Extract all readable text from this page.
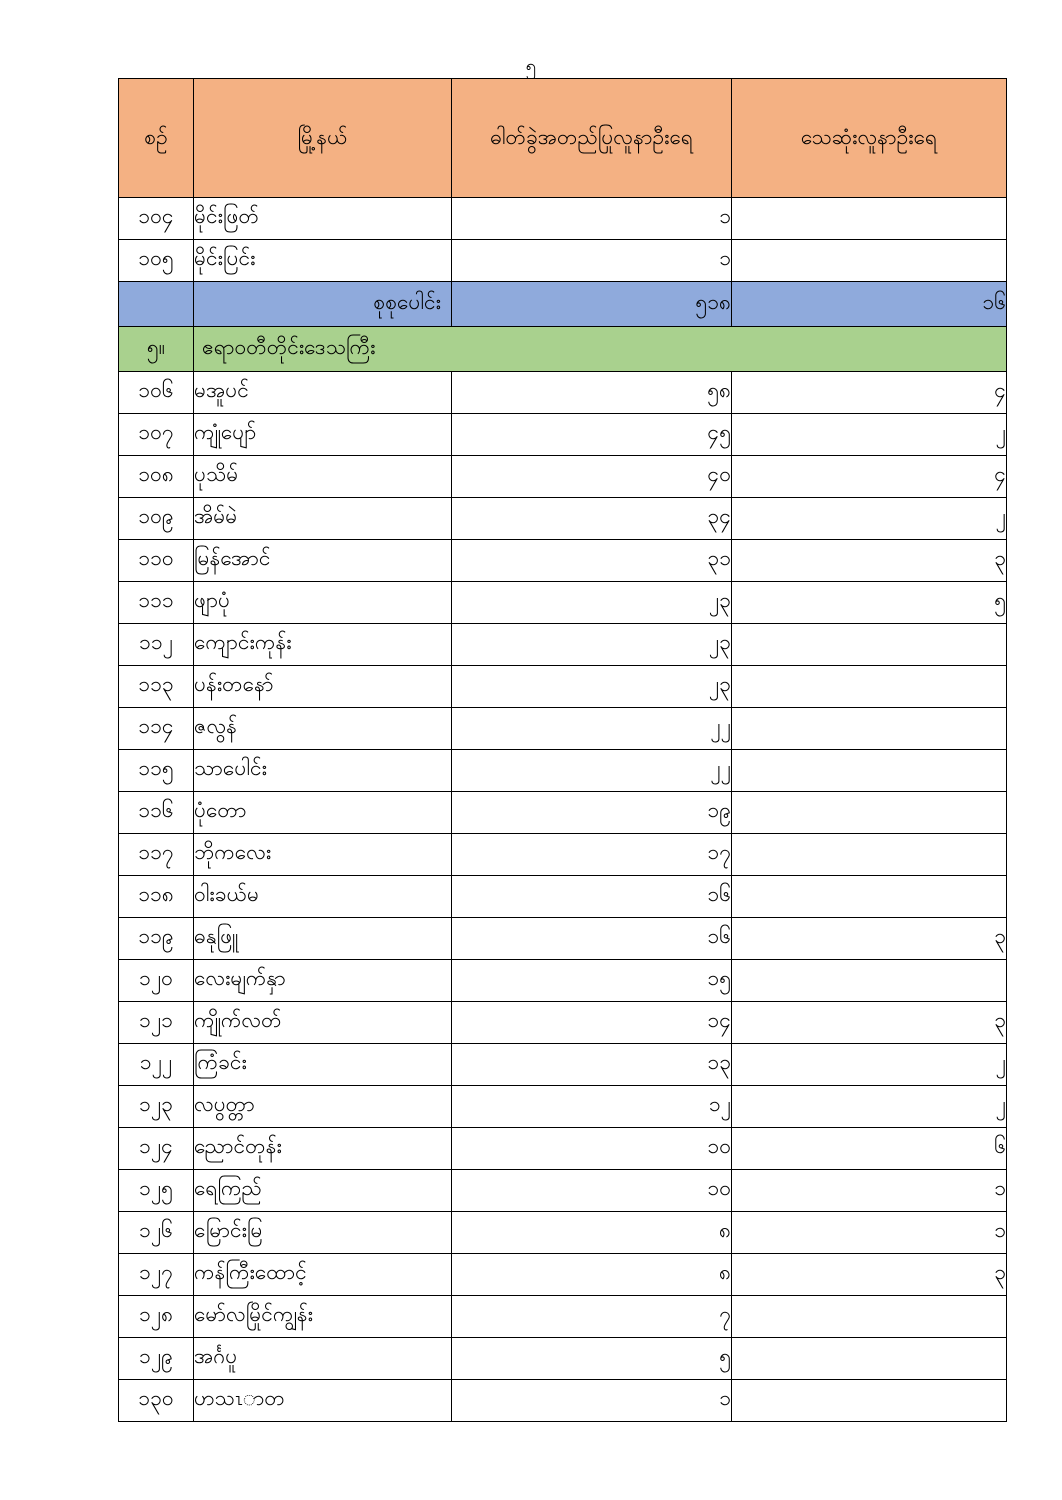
၅
စဉ်	မြို့နယ်	ဓါတ်ခွဲအတည်ပြုလူနာဦးရေ	သေဆုံးလူနာဦးရေ
၁၀၄	မိုင်းဖြတ်	၁	
၁၀၅	မိုင်းပြင်း	၁	
	စုစုပေါင်း	၅၁၈	၁၆
၅။	ဧရာဝတီတိုင်းဒေသကြီး		
၁၀၆	မအူပင်	၅၈	၄
၁၀၇	ကျုံပျော်	၄၅	၂
၁၀၈	ပုသိမ်	၄၀	၄
၁၀၉	အိမ်မဲ	၃၄	၂
၁၁၀	မြန်အောင်	၃၁	၃
၁၁၁	ဖျာပုံ	၂၃	၅
၁၁၂	ကျောင်းကုန်း	၂၃	
၁၁၃	ပန်းတနော်	၂၃	
၁၁၄	ဇလွန်	၂၂	
၁၁၅	သာပေါင်း	၂၂	
၁၁၆	ပုံတော	၁၉	
၁၁၇	ဘိုကလေး	၁၇	
၁၁၈	ဝါးခယ်မ	၁၆	
၁၁၉	ဓနုဖြူ	၁၆	၃
၁၂၀	လေးမျက်နှာ	၁၅	
၁၂၁	ကျိုက်လတ်	၁၄	၃
၁၂၂	ကြံခင်း	၁၃	၂
၁၂၃	လပွတ္တာ	၁၂	၂
၁၂၄	ညောင်တုန်း	၁၀	၆
၁၂၅	ရေကြည်	၁၀	၁
၁၂၆	မြောင်းမြ	၈	၁
၁၂၇	ကန်ကြီးထောင့်	၈	၃
၁၂၈	မော်လမြိုင်ကျွန်း	၇	
၁၂၉	အင်္ဂပူ	၅	
၁၃၀	ဟသၤာတ	၁	
